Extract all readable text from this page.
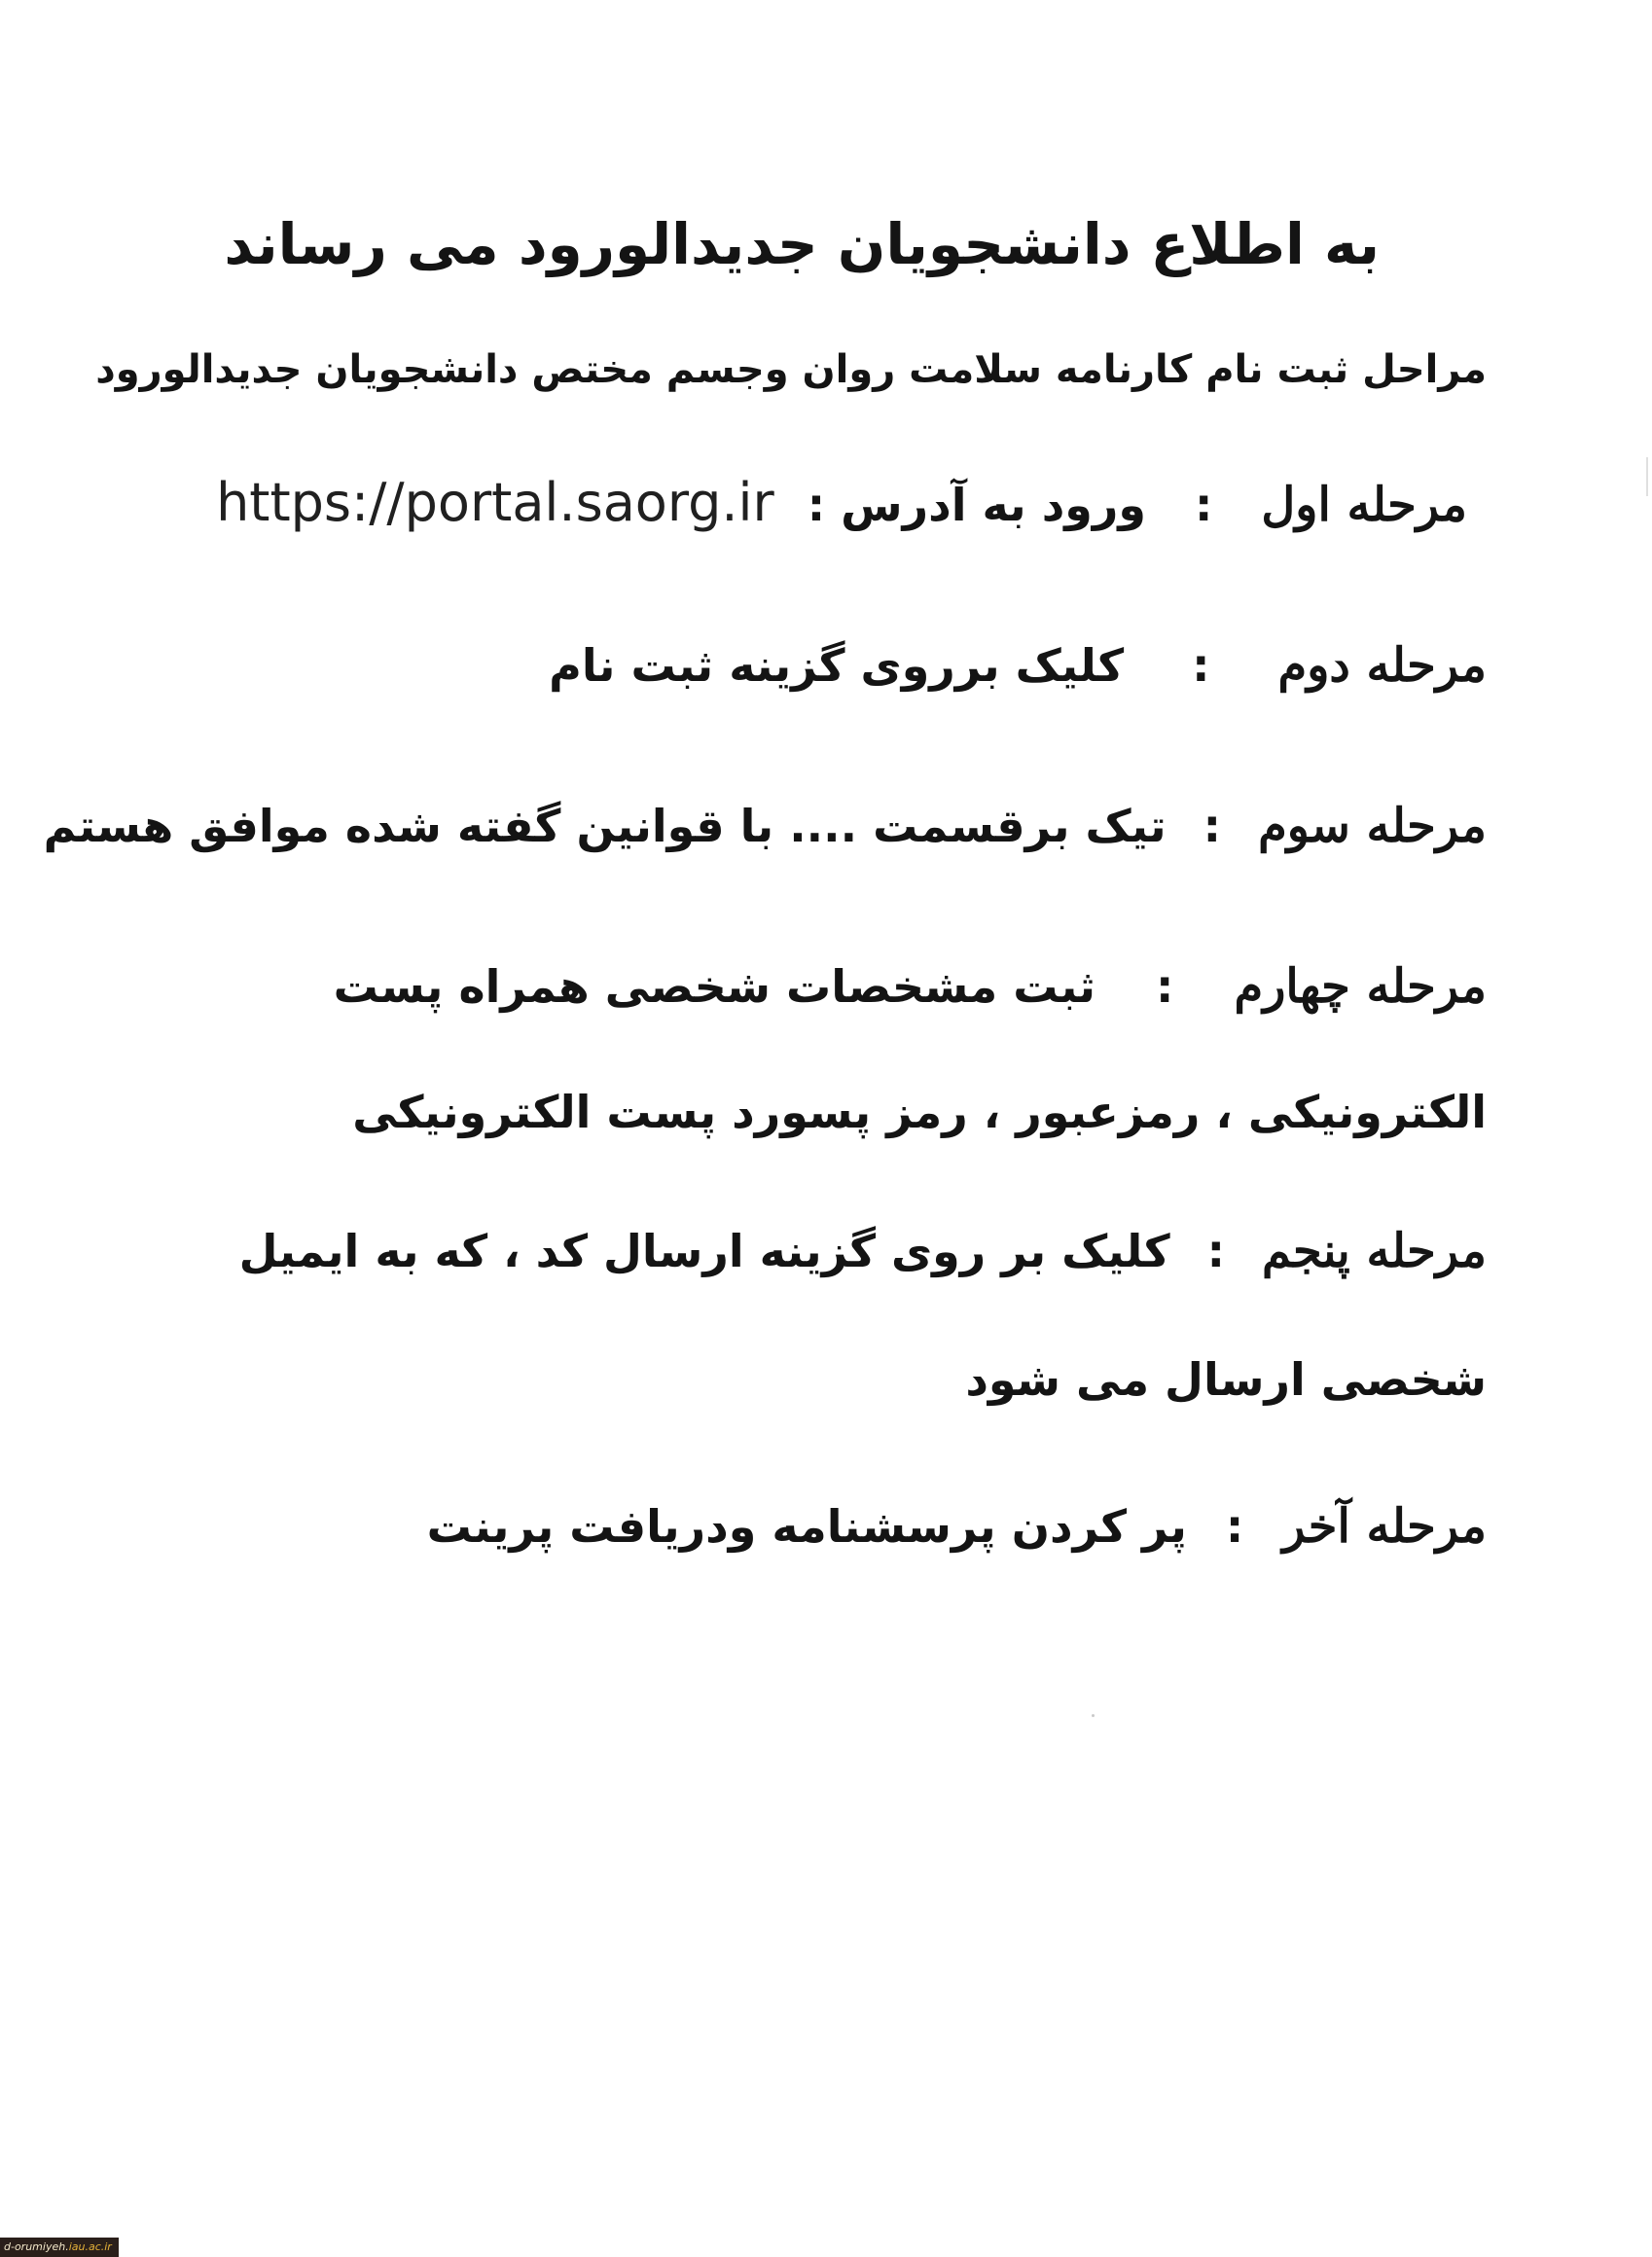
به اطلاع دانشجویان جدیدالورود می رساند
مراحل ثبت نام کارنامه سلامت روان وجسم مختص دانشجویان جدیدالورود
مرحله اول : ورود به آدرس : https://portal.saorg.ir
مرحله دوم : کلیک برروی گزینه ثبت نام
مرحله سوم : تیک برقسمت .... با قوانین گفته شده موافق هستم
مرحله چهارم : ثبت مشخصات شخصی همراه پست
الکترونیکی ، رمزعبور ، رمز پسورد پست الکترونیکی
مرحله پنجم : کلیک بر روی گزینه ارسال کد ، که به ایمیل
شخصی ارسال می شود
مرحله آخر : پر کردن پرسشنامه ودریافت پرینت
d-orumiyeh.iau.ac.ir
